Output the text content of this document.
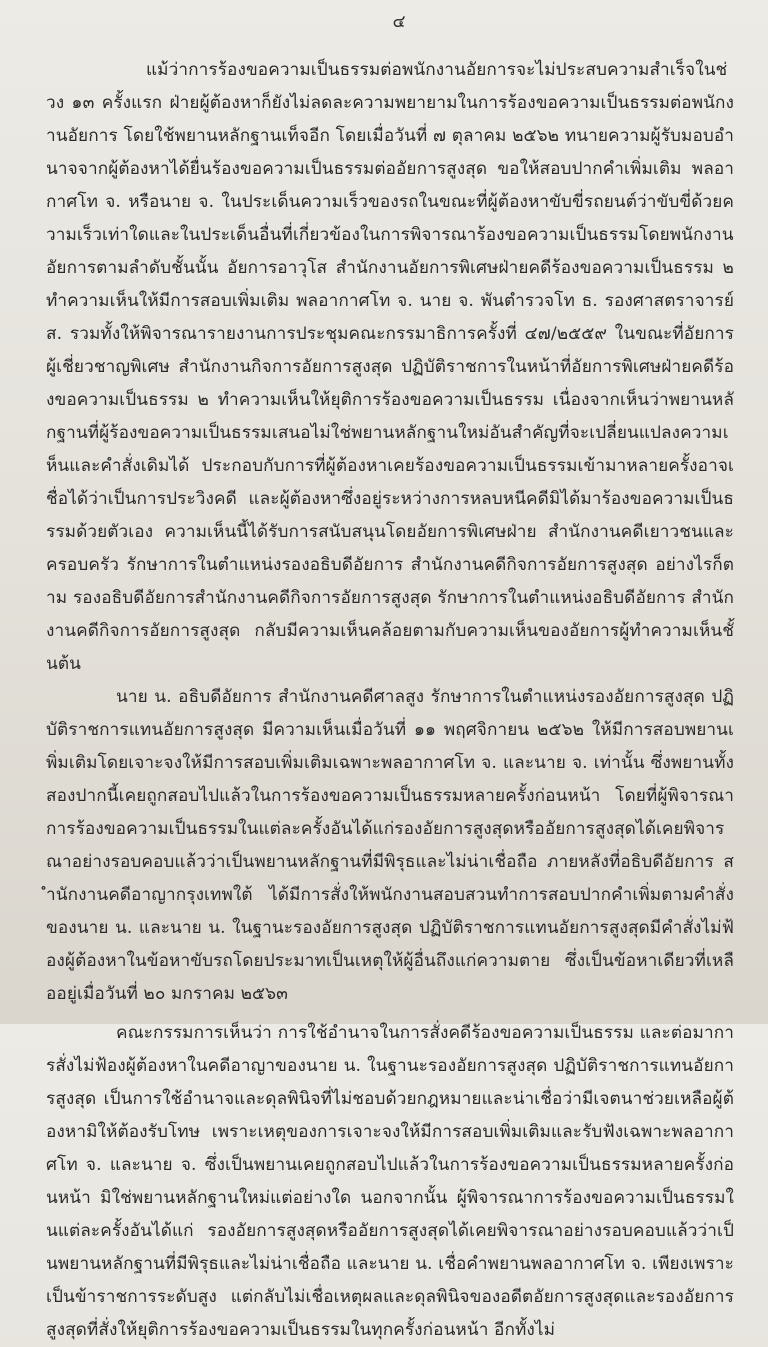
๔

แม้ว่าการร้องขอความเป็นธรรมต่อพนักงานอัยการจะไม่ประสบความสำเร็จในช่วง ๑๓ ครั้งแรก ฝ่ายผู้ต้องหาก็ยังไม่ลดละความพยายามในการร้องขอความเป็นธรรมต่อพนักงานอัยการ โดยใช้พยานหลักฐานเท็จอีก โดยเมื่อวันที่ ๗ ตุลาคม ๒๕๖๒ ทนายความผู้รับมอบอำนาจจากผู้ต้องหาได้ยื่นร้องขอความเป็นธรรมต่ออัยการสูงสุด ขอให้สอบปากคำเพิ่มเติม พลอากาศโท จ. หรือนาย จ. ในประเด็นความเร็วของรถในขณะที่ผู้ต้องหาขับขี่รถยนต์ว่าขับขี่ด้วยความเร็วเท่าใดและในประเด็นอื่นที่เกี่ยวข้องในการพิจารณาร้องขอความเป็นธรรมโดยพนักงานอัยการตามลำดับชั้นนั้น อัยการอาวุโส สำนักงานอัยการพิเศษฝ่ายคดีร้องขอความเป็นธรรม ๒ ทำความเห็นให้มีการสอบเพิ่มเติม พลอากาศโท จ. นาย จ. พันตำรวจโท ธ. รองศาสตราจารย์ ส. รวมทั้งให้พิจารณารายงานการประชุมคณะกรรมาธิการครั้งที่ ๔๗/๒๕๕๙ ในขณะที่อัยการผู้เชี่ยวชาญพิเศษ สำนักงานกิจการอัยการสูงสุด ปฏิบัติราชการในหน้าที่อัยการพิเศษฝ่ายคดีร้องขอความเป็นธรรม ๒ ทำความเห็นให้ยุติการร้องขอความเป็นธรรม เนื่องจากเห็นว่าพยานหลักฐานที่ผู้ร้องขอความเป็นธรรมเสนอไม่ใช่พยานหลักฐานใหม่อันสำคัญที่จะเปลี่ยนแปลงความเห็นและคำสั่งเดิมได้ ประกอบกับการที่ผู้ต้องหาเคยร้องขอความเป็นธรรมเข้ามาหลายครั้งอาจเชื่อได้ว่าเป็นการประวิงคดี และผู้ต้องหาซึ่งอยู่ระหว่างการหลบหนีคดีมิได้มาร้องขอความเป็นธรรมด้วยตัวเอง ความเห็นนี้ได้รับการสนับสนุนโดยอัยการพิเศษฝ่าย สำนักงานคดีเยาวชนและครอบครัว รักษาการในตำแหน่งรองอธิบดีอัยการ สำนักงานคดีกิจการอัยการสูงสุด อย่างไรก็ตาม รองอธิบดีอัยการสำนักงานคดีกิจการอัยการสูงสุด รักษาการในตำแหน่งอธิบดีอัยการ สำนักงานคดีกิจการอัยการสูงสุด กลับมีความเห็นคล้อยตามกับความเห็นของอัยการผู้ทำความเห็นชั้นต้น

นาย น. อธิบดีอัยการ สำนักงานคดีศาลสูง รักษาการในตำแหน่งรองอัยการสูงสุด ปฏิบัติราชการแทนอัยการสูงสุด มีความเห็นเมื่อวันที่ ๑๑ พฤศจิกายน ๒๕๖๒ ให้มีการสอบพยานเพิ่มเติมโดยเจาะจงให้มีการสอบเพิ่มเติมเฉพาะพลอากาศโท จ. และนาย จ. เท่านั้น ซึ่งพยานทั้งสองปากนี้เคยถูกสอบไปแล้วในการร้องขอความเป็นธรรมหลายครั้งก่อนหน้า โดยที่ผู้พิจารณาการร้องขอความเป็นธรรมในแต่ละครั้งอันได้แก่รองอัยการสูงสุดหรืออัยการสูงสุดได้เคยพิจารณาอย่างรอบคอบแล้วว่าเป็นพยานหลักฐานที่มีพิรุธและไม่น่าเชื่อถือ ภายหลังที่อธิบดีอัยการ สำนักงานคดีอาญากรุงเทพใต้ ได้มีการสั่งให้พนักงานสอบสวนทำการสอบปากคำเพิ่มตามคำสั่งของนาย น. และนาย น. ในฐานะรองอัยการสูงสุด ปฏิบัติราชการแทนอัยการสูงสุดมีคำสั่งไม่ฟ้องผู้ต้องหาในข้อหาขับรถโดยประมาทเป็นเหตุให้ผู้อื่นถึงแก่ความตาย ซึ่งเป็นข้อหาเดียวที่เหลืออยู่เมื่อวันที่ ๒๐ มกราคม ๒๕๖๓

คณะกรรมการเห็นว่า การใช้อำนาจในการสั่งคดีร้องขอความเป็นธรรม และต่อมาการสั่งไม่ฟ้องผู้ต้องหาในคดีอาญาของนาย น. ในฐานะรองอัยการสูงสุด ปฏิบัติราชการแทนอัยการสูงสุด เป็นการใช้อำนาจและดุลพินิจที่ไม่ชอบด้วยกฎหมายและน่าเชื่อว่ามีเจตนาช่วยเหลือผู้ต้องหามิให้ต้องรับโทษ เพราะเหตุของการเจาะจงให้มีการสอบเพิ่มเติมและรับฟังเฉพาะพลอากาศโท จ. และนาย จ. ซึ่งเป็นพยานเคยถูกสอบไปแล้วในการร้องขอความเป็นธรรมหลายครั้งก่อนหน้า มิใช่พยานหลักฐานใหม่แต่อย่างใด นอกจากนั้น ผู้พิจารณาการร้องขอความเป็นธรรมในแต่ละครั้งอันได้แก่ รองอัยการสูงสุดหรืออัยการสูงสุดได้เคยพิจารณาอย่างรอบคอบแล้วว่าเป็นพยานหลักฐานที่มีพิรุธและไม่น่าเชื่อถือ และนาย น. เชื่อคำพยานพลอากาศโท จ. เพียงเพราะเป็นข้าราชการระดับสูง แต่กลับไม่เชื่อเหตุผลและดุลพินิจของอดีตอัยการสูงสุดและรองอัยการสูงสุดที่สั่งให้ยุติการร้องขอความเป็นธรรมในทุกครั้งก่อนหน้า อีกทั้งไม่
